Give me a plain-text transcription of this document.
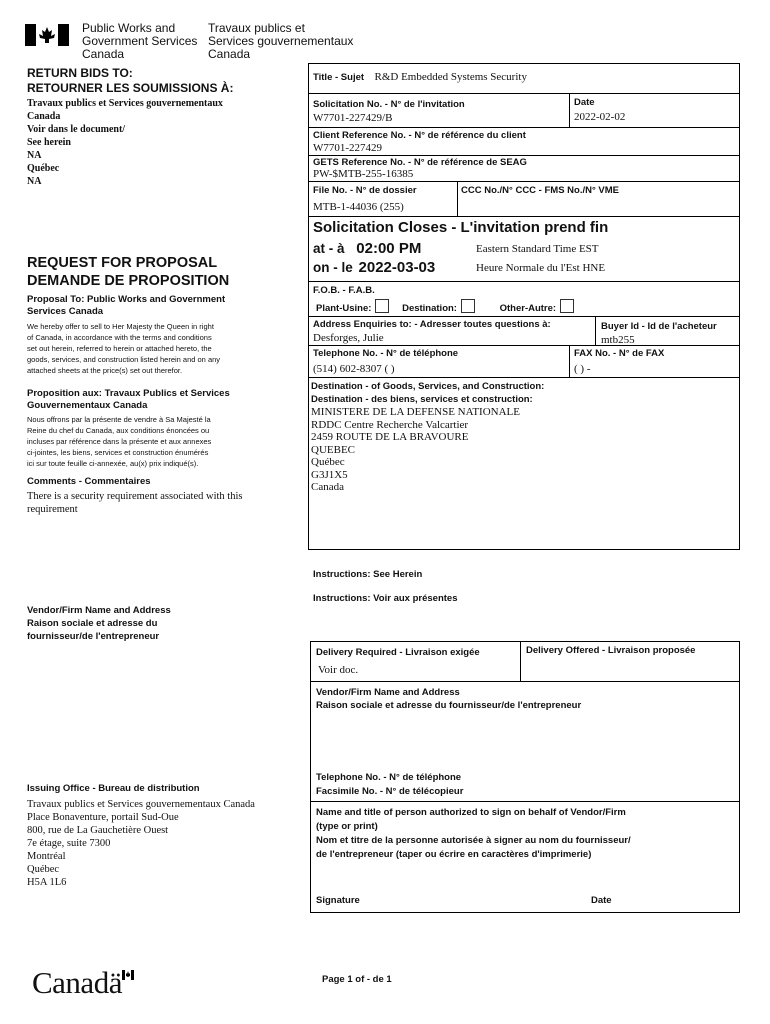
Public Works and
Government Services
Canada
Travaux publics et
Services gouvernementaux
Canada
RETURN BIDS TO:
RETOURNER LES SOUMISSIONS À:
Travaux publics et Services gouvernementaux
Canada
Voir dans le document/
See herein
NA
Québec
NA
REQUEST FOR PROPOSAL
DEMANDE DE PROPOSITION
Proposal To: Public Works and Government Services Canada
We hereby offer to sell to Her Majesty the Queen in right
of Canada, in accordance with the terms and conditions
set out herein, referred to herein or attached hereto, the
goods, services, and construction listed herein and on any
attached sheets at the price(s) set out therefor.
Proposition aux: Travaux Publics et Services Gouvernementaux Canada
Nous offrons par la présente de vendre à Sa Majesté la
Reine du chef du Canada, aux conditions énoncées ou
incluses par référence dans la présente et aux annexes
ci-jointes, les biens, services et construction énumérés
ici sur toute feuille ci-annexée, au(x) prix indiqué(s).
Comments - Commentaires
There is a security requirement associated with this
requirement
Vendor/Firm Name and Address
Raison sociale et adresse du
fournisseur/de l'entrepreneur
Issuing Office - Bureau de distribution
Travaux publics et Services gouvernementaux Canada
Place Bonaventure, portail Sud-Oue
800, rue de La Gauchetière Ouest
7e étage, suite 7300
Montréal
Québec
H5A 1L6
Title - Sujet R&D Embedded Systems Security
Solicitation No. - N° de l'invitation
W7701-227429/B
Date
2022-02-02
Client Reference No. - N° de référence du client
W7701-227429
GETS Reference No. - N° de référence de SEAG
PW-$MTB-255-16385
File No. - N° de dossier
MTB-1-44036 (255)
CCC No./N° CCC - FMS No./N° VME
Solicitation Closes - L'invitation prend fin
at - à 02:00 PM
on - le 2022-03-03
Eastern Standard Time EST
Heure Normale du l'Est HNE
F.O.B. - F.A.B.
Plant-Usine:	Destination:	Other-Autre:
Address Enquiries to: - Adresser toutes questions à:
Desforges, Julie
Buyer Id - Id de l'acheteur
mtb255
Telephone No. - N° de téléphone
(514) 602-8307 ( )
FAX No. - N° de FAX
( ) -
Destination - of Goods, Services, and Construction:
Destination - des biens, services et construction:
MINISTERE DE LA DEFENSE NATIONALE
RDDC Centre Recherche Valcartier
2459 ROUTE DE LA BRAVOURE
QUEBEC
Québec
G3J1X5
Canada
Instructions: See Herein
Instructions: Voir aux présentes
Delivery Required - Livraison exigée
Voir doc.
Delivery Offered - Livraison proposée
Vendor/Firm Name and Address
Raison sociale et adresse du fournisseur/de l'entrepreneur
Telephone No. - N° de téléphone
Facsimile No. - N° de télécopieur
Name and title of person authorized to sign on behalf of Vendor/Firm
(type or print)
Nom et titre de la personne autorisée à signer au nom du fournisseur/
de l'entrepreneur (taper ou écrire en caractères d'imprimerie)
Signature	Date
Canadä	Page 1 of - de 1
